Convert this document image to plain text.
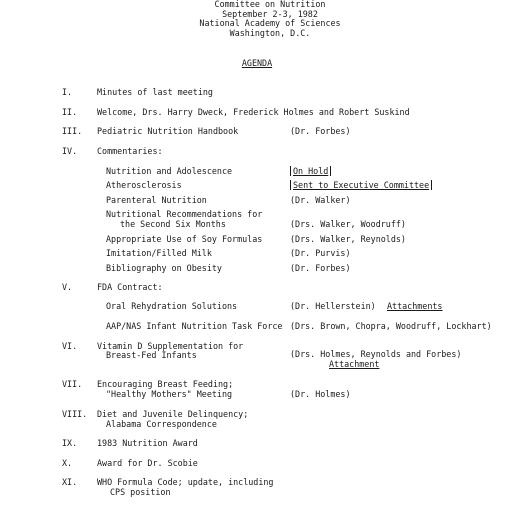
Committee on Nutrition
September 2-3, 1982
National Academy of Sciences
Washington, D.C.
AGENDA
I.	Minutes of last meeting
II. Welcome, Drs. Harry Dweck, Frederick Holmes and Robert Suskind
III. Pediatric Nutrition Handbook	(Dr. Forbes)
IV. Commentaries:
Nutrition and Adolescence	On Hold
Atherosclerosis	Sent to Executive Committee
Parenteral Nutrition	(Dr. Walker)
Nutritional Recommendations for
the Second Six Months	(Drs. Walker, Woodruff)
Appropriate Use of Soy Formulas	(Drs. Walker, Reynolds)
Imitation/Filled Milk	(Dr. Purvis)
Bibliography on Obesity	(Dr. Forbes)
V.	FDA Contract:
Oral Rehydration Solutions	(Dr. Hellerstein) Attachments
AAP/NAS Infant Nutrition Task Force (Drs. Brown, Chopra, Woodruff, Lockhart)
VI. Vitamin D Supplementation for
Breast-Fed Infants	(Drs. Holmes, Reynolds and Forbes)
Attachment
VII. Encouraging Breast Feeding;
"Healthy Mothers" Meeting	(Dr. Holmes)
VIII. Diet and Juvenile Delinquency;
Alabama Correspondence
IX. 1983 Nutrition Award
X.	Award for Dr. Scobie
XI. WHO Formula Code; update, including
CPS position
